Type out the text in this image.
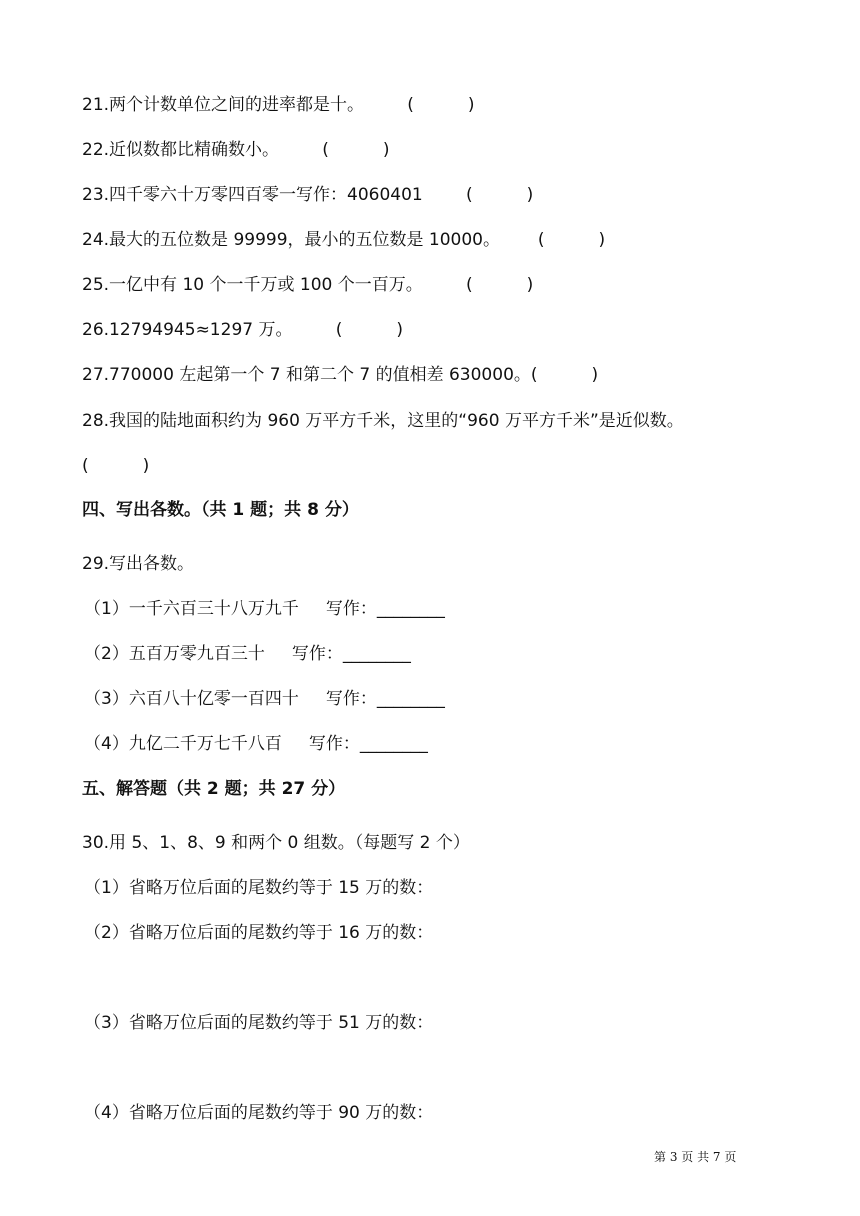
21.两个计数单位之间的进率都是十。        (          )
22.近似数都比精确数小。        (          )
23.四千零六十万零四百零一写作：4060401        (          )
24.最大的五位数是 99999，最小的五位数是 10000。       (          )
25.一亿中有 10 个一千万或 100 个一百万。        (          )
26.12794945≈1297 万。        (          )
27.770000 左起第一个 7 和第二个 7 的值相差 630000。(          )
28.我国的陆地面积约为 960 万平方千米，这里的“960 万平方千米”是近似数。
(          )
四、写出各数。（共 1 题；共 8 分）
29.写出各数。
（1）一千六百三十八万九千     写作：________
（2）五百万零九百三十     写作：________
（3）六百八十亿零一百四十     写作：________
（4）九亿二千万七千八百     写作：________
五、解答题（共 2 题；共 27 分）
30.用 5、1、8、9 和两个 0 组数。（每题写 2 个）
（1）省略万位后面的尾数约等于 15 万的数：
（2）省略万位后面的尾数约等于 16 万的数：
（3）省略万位后面的尾数约等于 51 万的数：
（4）省略万位后面的尾数约等于 90 万的数：
第 3 页 共 7 页
